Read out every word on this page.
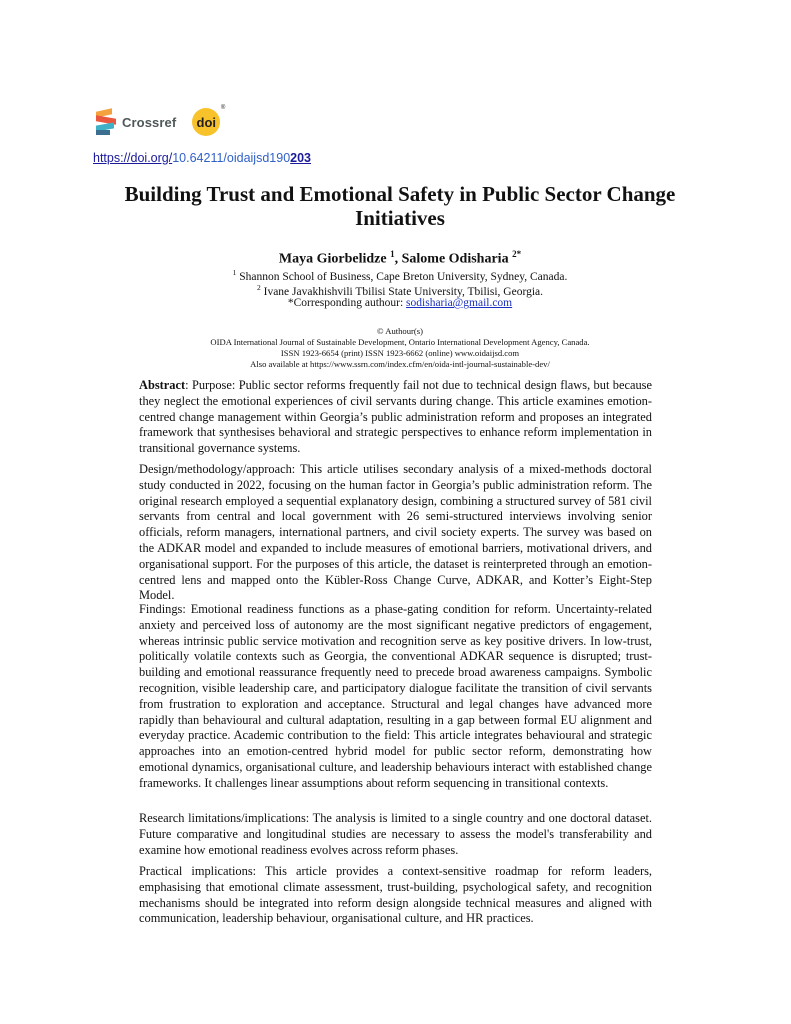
Crossref doi
®
https://doi.org/10.64211/oidaijsd190203
Building Trust and Emotional Safety in Public Sector Change Initiatives
Maya Giorbelidze $^1$, Salome Odisharia $^{2*}$
$^1$ Shannon School of Business, Cape Breton University, Sydney, Canada.
$^2$ Ivane Javakhishvili Tbilisi State University, Tbilisi, Georgia.
*Corresponding authour: sodisharia@gmail.com
© Authour(s)
OIDA International Journal of Sustainable Development, Ontario International Development Agency, Canada.
ISSN 1923-6654 (print) ISSN 1923-6662 (online) www.oidaijsd.com
Also available at https://www.ssrn.com/index.cfm/en/oida-intl-journal-sustainable-dev/

Abstract: Purpose: Public sector reforms frequently fail not due to technical design flaws, but because they neglect the emotional experiences of civil servants during change. This article examines emotion-centred change management within Georgia’s public administration reform and proposes an integrated framework that synthesises behavioral and strategic perspectives to enhance reform implementation in transitional governance systems.

Design/methodology/approach: This article utilises secondary analysis of a mixed-methods doctoral study conducted in 2022, focusing on the human factor in Georgia’s public administration reform. The original research employed a sequential explanatory design, combining a structured survey of 581 civil servants from central and local government with 26 semi-structured interviews involving senior officials, reform managers, international partners, and civil society experts. The survey was based on the ADKAR model and expanded to include measures of emotional barriers, motivational drivers, and organisational support. For the purposes of this article, the dataset is reinterpreted through an emotion-centred lens and mapped onto the Kübler-Ross Change Curve, ADKAR, and Kotter’s Eight-Step Model.

Findings: Emotional readiness functions as a phase-gating condition for reform. Uncertainty-related anxiety and perceived loss of autonomy are the most significant negative predictors of engagement, whereas intrinsic public service motivation and recognition serve as key positive drivers. In low-trust, politically volatile contexts such as Georgia, the conventional ADKAR sequence is disrupted; trust-building and emotional reassurance frequently need to precede broad awareness campaigns. Symbolic recognition, visible leadership care, and participatory dialogue facilitate the transition of civil servants from frustration to exploration and acceptance. Structural and legal changes have advanced more rapidly than behavioural and cultural adaptation, resulting in a gap between formal EU alignment and everyday practice. Academic contribution to the field: This article integrates behavioural and strategic approaches into an emotion-centred hybrid model for public sector reform, demonstrating how emotional dynamics, organisational culture, and leadership behaviours interact with established change frameworks. It challenges linear assumptions about reform sequencing in transitional contexts.

Research limitations/implications: The analysis is limited to a single country and one doctoral dataset. Future comparative and longitudinal studies are necessary to assess the model's transferability and examine how emotional readiness evolves across reform phases.

Practical implications: This article provides a context-sensitive roadmap for reform leaders, emphasising that emotional climate assessment, trust-building, psychological safety, and recognition mechanisms should be integrated into reform design alongside technical measures and aligned with communication, leadership behaviour, organisational culture, and HR practices.
